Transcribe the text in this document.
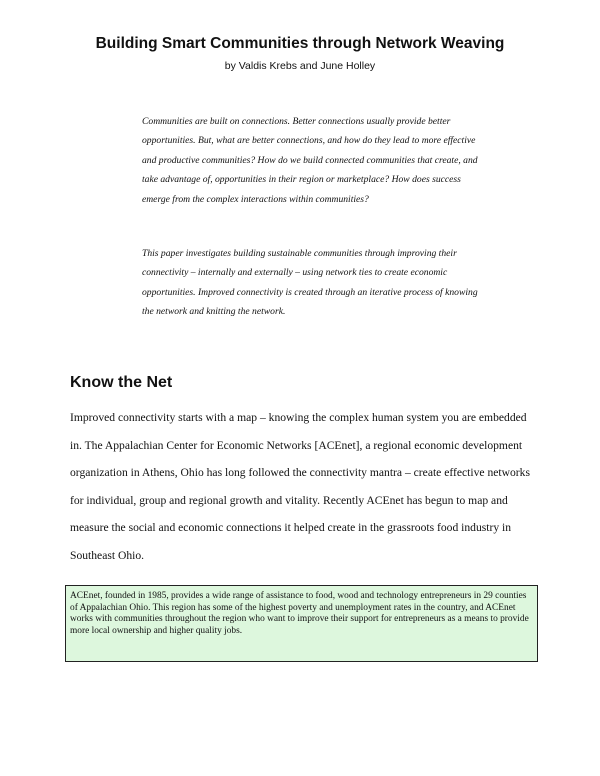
Building Smart Communities through Network Weaving
by Valdis Krebs and June Holley

Communities are built on connections. Better connections usually provide better opportunities. But, what are better connections, and how do they lead to more effective and productive communities? How do we build connected communities that create, and take advantage of, opportunities in their region or marketplace? How does success emerge from the complex interactions within communities?

This paper investigates building sustainable communities through improving their connectivity – internally and externally – using network ties to create economic opportunities. Improved connectivity is created through an iterative process of knowing the network and knitting the network.

Know the Net

Improved connectivity starts with a map – knowing the complex human system you are embedded in. The Appalachian Center for Economic Networks [ACEnet], a regional economic development organization in Athens, Ohio has long followed the connectivity mantra – create effective networks for individual, group and regional growth and vitality. Recently ACEnet has begun to map and measure the social and economic connections it helped create in the grassroots food industry in Southeast Ohio.

ACEnet, founded in 1985, provides a wide range of assistance to food, wood and technology entrepreneurs in 29 counties of Appalachian Ohio. This region has some of the highest poverty and unemployment rates in the country, and ACEnet works with communities throughout the region who want to improve their support for entrepreneurs as a means to provide more local ownership and higher quality jobs.
